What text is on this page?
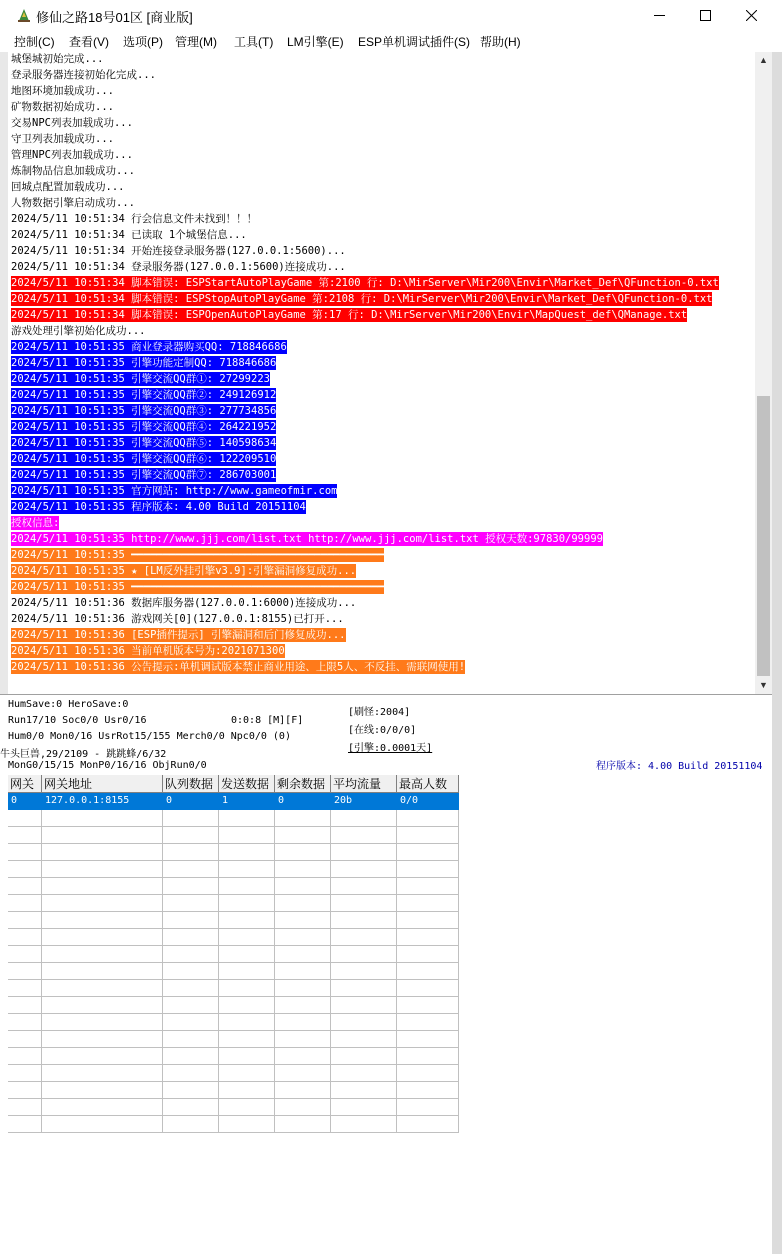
修仙之路18号01区 [商业版]
控制(C) 查看(V) 选项(P) 管理(M) 工具(T) LM引擎(E) ESP单机调试插件(S) 帮助(H)
城堡城初始完成...
登录服务器连接初始化完成...
地图环境加载成功...
矿物数据初始成功...
交易NPC列表加载成功...
守卫列表加载成功...
管理NPC列表加载成功...
炼制物品信息加载成功...
回城点配置加载成功...
人物数据引擎启动成功...
2024/5/11 10:51:34 行会信息文件未找到！！！
2024/5/11 10:51:34 已读取 1个城堡信息...
2024/5/11 10:51:34 开始连接登录服务器(127.0.0.1:5600)...
2024/5/11 10:51:34 登录服务器(127.0.0.1:5600)连接成功...
2024/5/11 10:51:34 脚本错误: ESPStartAutoPlayGame 第:2100 行: D:\MirServer\Mir200\Envir\Market_Def\QFunction-0.txt
2024/5/11 10:51:34 脚本错误: ESPStopAutoPlayGame 第:2108 行: D:\MirServer\Mir200\Envir\Market_Def\QFunction-0.txt
2024/5/11 10:51:34 脚本错误: ESPOpenAutoPlayGame 第:17 行: D:\MirServer\Mir200\Envir\MapQuest_def\QManage.txt
游戏处理引擎初始化成功...
2024/5/11 10:51:35 商业登录器购买QQ: 718846686
2024/5/11 10:51:35 引擎功能定制QQ: 718846686
2024/5/11 10:51:35 引擎交流QQ群①: 27299223
2024/5/11 10:51:35 引擎交流QQ群②: 249126912
2024/5/11 10:51:35 引擎交流QQ群③: 277734856
2024/5/11 10:51:35 引擎交流QQ群④: 264221952
2024/5/11 10:51:35 引擎交流QQ群⑤: 140598634
2024/5/11 10:51:35 引擎交流QQ群⑥: 122209510
2024/5/11 10:51:35 引擎交流QQ群⑦: 286703001
2024/5/11 10:51:35 官方网站: http://www.gameofmir.com
2024/5/11 10:51:35 程序版本: 4.00 Build 20151104
授权信息:
2024/5/11 10:51:35 http://www.jjj.com/list.txt http://www.jjj.com/list.txt 授权天数:97830/99999
2024/5/11 10:51:35 ━━━━━━━━━━━━━━━━━━━━━━━━━━━━━━━━━━━━━━━━
2024/5/11 10:51:35 ★ [LM反外挂引擎v3.9]:引擎漏洞修复成功...
2024/5/11 10:51:35 ━━━━━━━━━━━━━━━━━━━━━━━━━━━━━━━━━━━━━━━━
2024/5/11 10:51:36 数据库服务器(127.0.0.1:6000)连接成功...
2024/5/11 10:51:36 游戏网关[0](127.0.0.1:8155)已打开...
2024/5/11 10:51:36 [ESP插件提示] 引擎漏洞和后门修复成功...
2024/5/11 10:51:36 当前单机版本号为:2021071300
2024/5/11 10:51:36 公告提示:单机调试版本禁止商业用途、上限5人、不反挂、需联网使用!
▲
▼
HumSave:0 HeroSave:0
Run17/10 Soc0/0 Usr0/16	0:0:8 [M][F]
Hum0/0 Mon0/16 UsrRot15/155 Merch0/0 Npc0/0 (0)
牛头巨兽,29/2109 - 跳跳蜂/6/32
MonG0/15/15 MonP0/16/16 ObjRun0/0
[刷怪:2004]
[在线:0/0/0]
[引擎:0.0001天]
程序版本: 4.00 Build 20151104
网关 网关地址	队列数据 发送数据 剩余数据 平均流量	最高人数
0	127.0.0.1:8155	0	1	0	20b	0/0
